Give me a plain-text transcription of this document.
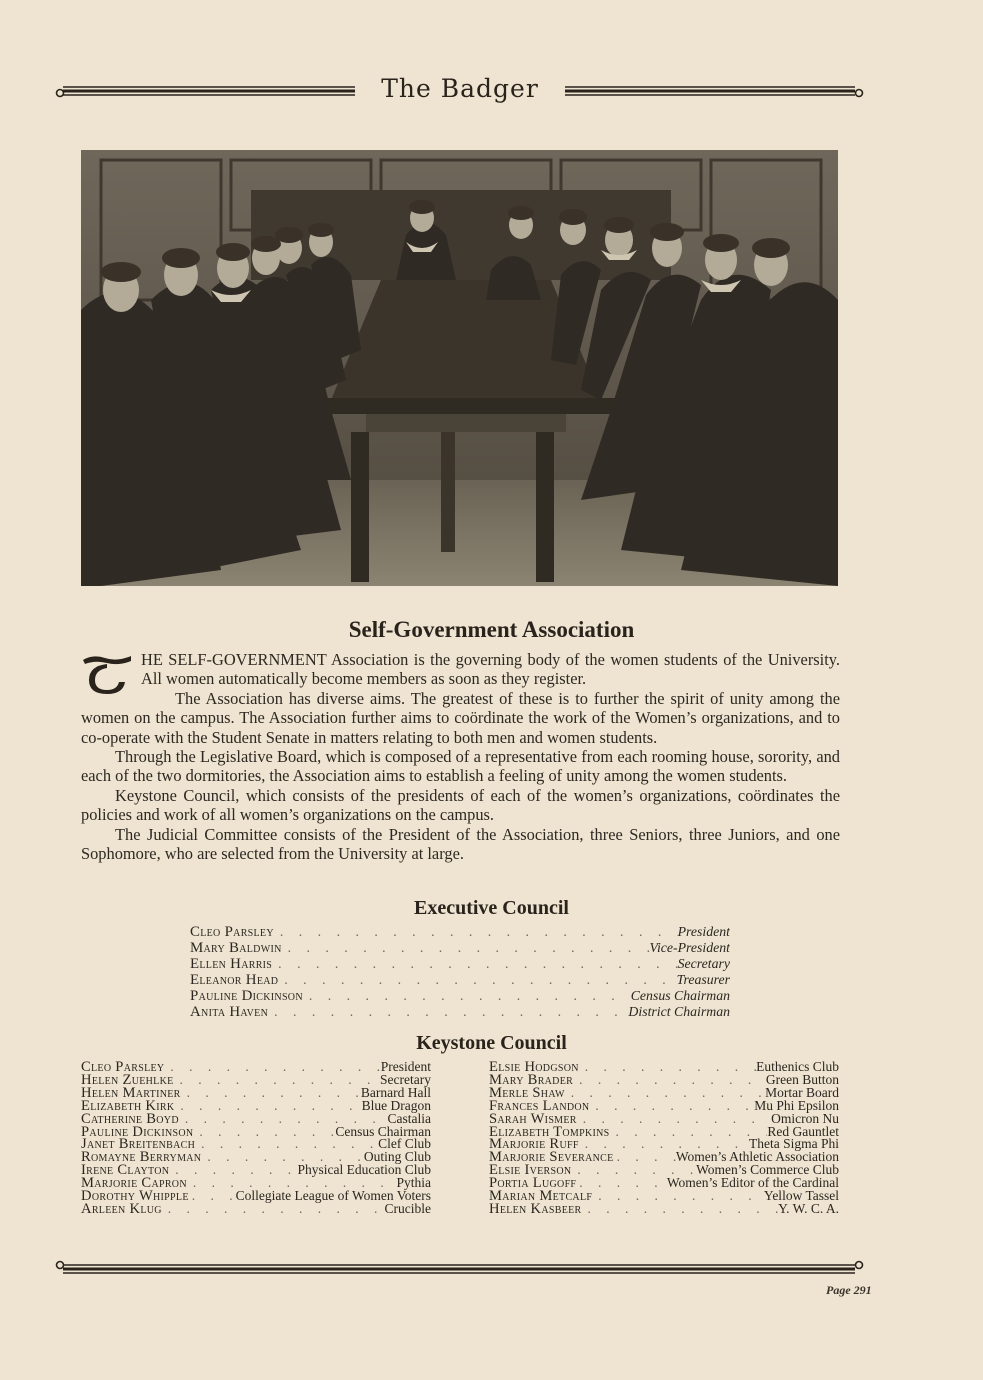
The Badger
Self-Government Association

HE SELF-GOVERNMENT Association is the governing body of the women students of the University. All women automatically become members as soon as they register.

The Association has diverse aims. The greatest of these is to further the spirit of unity among the women on the campus. The Association further aims to coördinate the work of the Women’s organizations, and to co-operate with the Student Senate in matters relating to both men and women students.

Through the Legislative Board, which is composed of a representative from each rooming house, sorority, and each of the two dormitories, the Association aims to establish a feeling of unity among the women students.

Keystone Council, which consists of the presidents of each of the women’s organizations, coördinates the policies and work of all women’s organizations on the campus.

The Judicial Committee consists of the President of the Association, three Seniors, three Juniors, and one Sophomore, who are selected from the University at large.

Executive Council
Cleo Parsley . . .	President
Mary Baldwin . . .	Vice-President
Ellen Harris . . .	Secretary
Eleanor Head . . .	Treasurer
Pauline Dickinson . . .	Census Chairman
Anita Haven . . .	District Chairman
Keystone Council
Cleo Parsley . . .	President
Helen Zuehlke . . .	Secretary
Helen Martiner . . .	Barnard Hall
Elizabeth Kirk . . .	Blue Dragon
Catherine Boyd . . .	Castalia
Pauline Dickinson . . .	Census Chairman
Janet Breitenbach . . .	Clef Club
Romayne Berryman . . .	Outing Club
Irene Clayton . . .	Physical Education Club
Marjorie Capron . . .	Pythia
Dorothy Whipple . . .	Collegiate League of Women Voters
Arleen Klug . . .	Crucible
Elsie Hodgson . . .	Euthenics Club
Mary Brader . . .	Green Button
Merle Shaw . . .	Mortar Board
Frances Landon . . .	Mu Phi Epsilon
Sarah Wismer . . .	Omicron Nu
Elizabeth Tompkins . . .	Red Gauntlet
Marjorie Ruff . . .	Theta Sigma Phi
Marjorie Severance . . .	Women’s Athletic Association
Elsie Iverson . . .	Women’s Commerce Club
Portia Lugoff . . .	Women’s Editor of the Cardinal
Marian Metcalf . . .	Yellow Tassel
Helen Kasbeer . . .	Y. W. C. A.
Page 291
